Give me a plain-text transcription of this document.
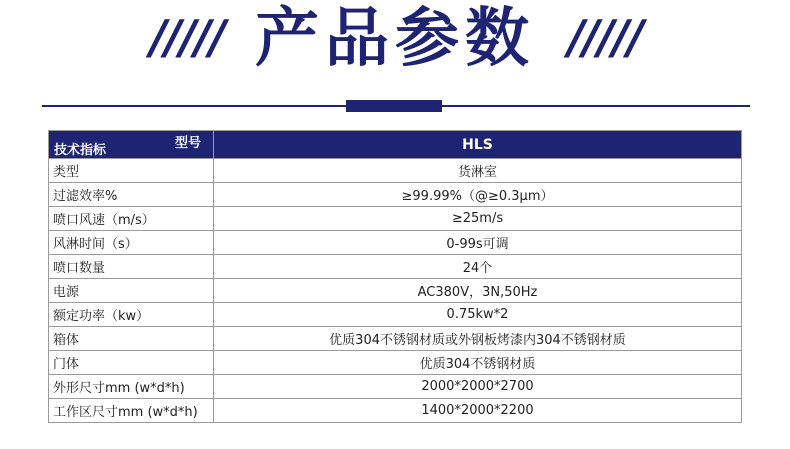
///// 产品参数 /////
型号
技术指标	HLS
类型	货淋室
过滤效率%	≥99.99%（@≥0.3μm）
喷口风速（m/s）	≥25m/s
风淋时间（s）	0-99s可调
喷口数量	24个
电源	AC380V，3N,50Hz
额定功率（kw）	0.75kw*2
箱体	优质304不锈钢材质或外钢板烤漆内304不锈钢材质
门体	优质304不锈钢材质
外形尺寸mm (w*d*h)	2000*2000*2700
工作区尺寸mm (w*d*h)	1400*2000*2200
